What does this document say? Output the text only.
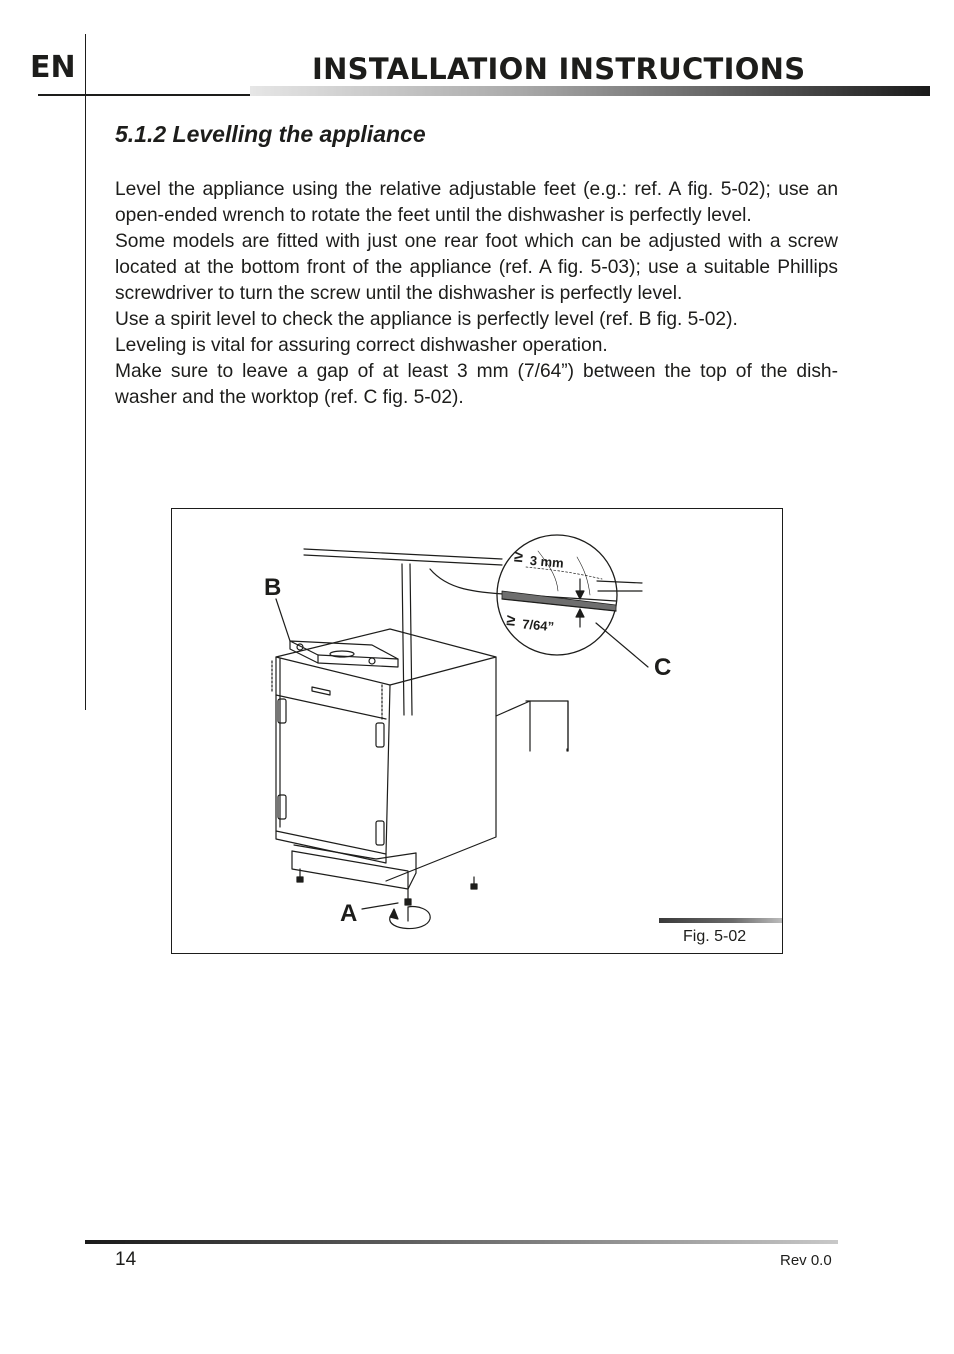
EN	INSTALLATION INSTRUCTIONS
5.1.2 Levelling the appliance

Level the appliance using the relative adjustable feet (e.g.: ref. A fig. 5-02); use an open-ended wrench to rotate the feet until the dishwasher is perfectly level.

Some models are fitted with just one rear foot which can be adjusted with a screw located at the bottom front of the appliance (ref. A fig. 5-03); use a suitable Phillips screwdriver to turn the screw until the dishwasher is perfectly level.

Use a spirit level to check the appliance is perfectly level (ref. B fig. 5-02).

Leveling is vital for assuring correct dishwasher operation.

Make sure to leave a gap of at least 3 mm (7/64”) between the top of the dish-washer and the worktop (ref. C fig. 5-02).

B
C
A
≥ 3 mm
≥ 7/64”
Fig. 5-02
14	Rev 0.0
